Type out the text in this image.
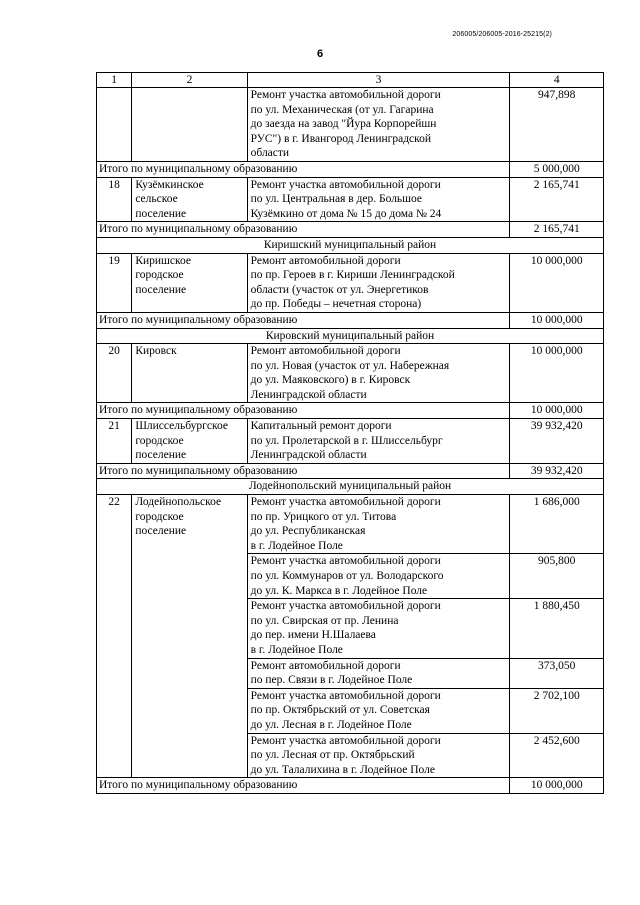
206005/206005-2016-25215(2)
6
1	2	3	4

		Ремонт участка автомобильной дороги
по ул. Механическая (от ул. Гагарина
до заезда на завод "Йура Корпорейшн
РУС") в г. Ивангород Ленинградской
области	947,898
Итого по муниципальному образованию			5 000,000
18	Кузёмкинское
сельское
поселение	Ремонт участка автомобильной дороги
по ул. Центральная в дер. Большое
Кузёмкино от дома № 15 до дома № 24	2 165,741
Итого по муниципальному образованию			2 165,741
Киришский муниципальный район			
19	Киришское
городское
поселение	Ремонт автомобильной дороги
по пр. Героев в г. Кириши Ленинградской
области (участок от ул. Энергетиков
до пр. Победы – нечетная сторона)	10 000,000
Итого по муниципальному образованию			10 000,000
Кировский муниципальный район			
20	Кировск	Ремонт автомобильной дороги
по ул. Новая (участок от ул. Набережная
до ул. Маяковского) в г. Кировск
Ленинградской области	10 000,000
Итого по муниципальному образованию			10 000,000
21	Шлиссельбургское
городское
поселение	Капитальный ремонт дороги
по ул. Пролетарской в г. Шлиссельбург
Ленинградской области	39 932,420
Итого по муниципальному образованию			39 932,420
Лодейнопольский муниципальный район			
22	Лодейнопольское
городское
поселение	Ремонт участка автомобильной дороги
по пр. Урицкого от ул. Титова
до ул. Республиканская
в г. Лодейное Поле	1 686,000

		Ремонт участка автомобильной дороги
по ул. Коммунаров от ул. Володарского
до ул. К. Маркса в г. Лодейное Поле	905,800

		Ремонт участка автомобильной дороги
по ул. Свирская от пр. Ленина
до пер. имени Н.Шалаева
в г. Лодейное Поле	1 880,450

		Ремонт автомобильной дороги
по пер. Связи в г. Лодейное Поле	373,050

		Ремонт участка автомобильной дороги
по пр. Октябрьский от ул. Советская
до ул. Лесная в г. Лодейное Поле	2 702,100

		Ремонт участка автомобильной дороги
по ул. Лесная от пр. Октябрьский
до ул. Талалихина в г. Лодейное Поле	2 452,600
Итого по муниципальному образованию			10 000,000
